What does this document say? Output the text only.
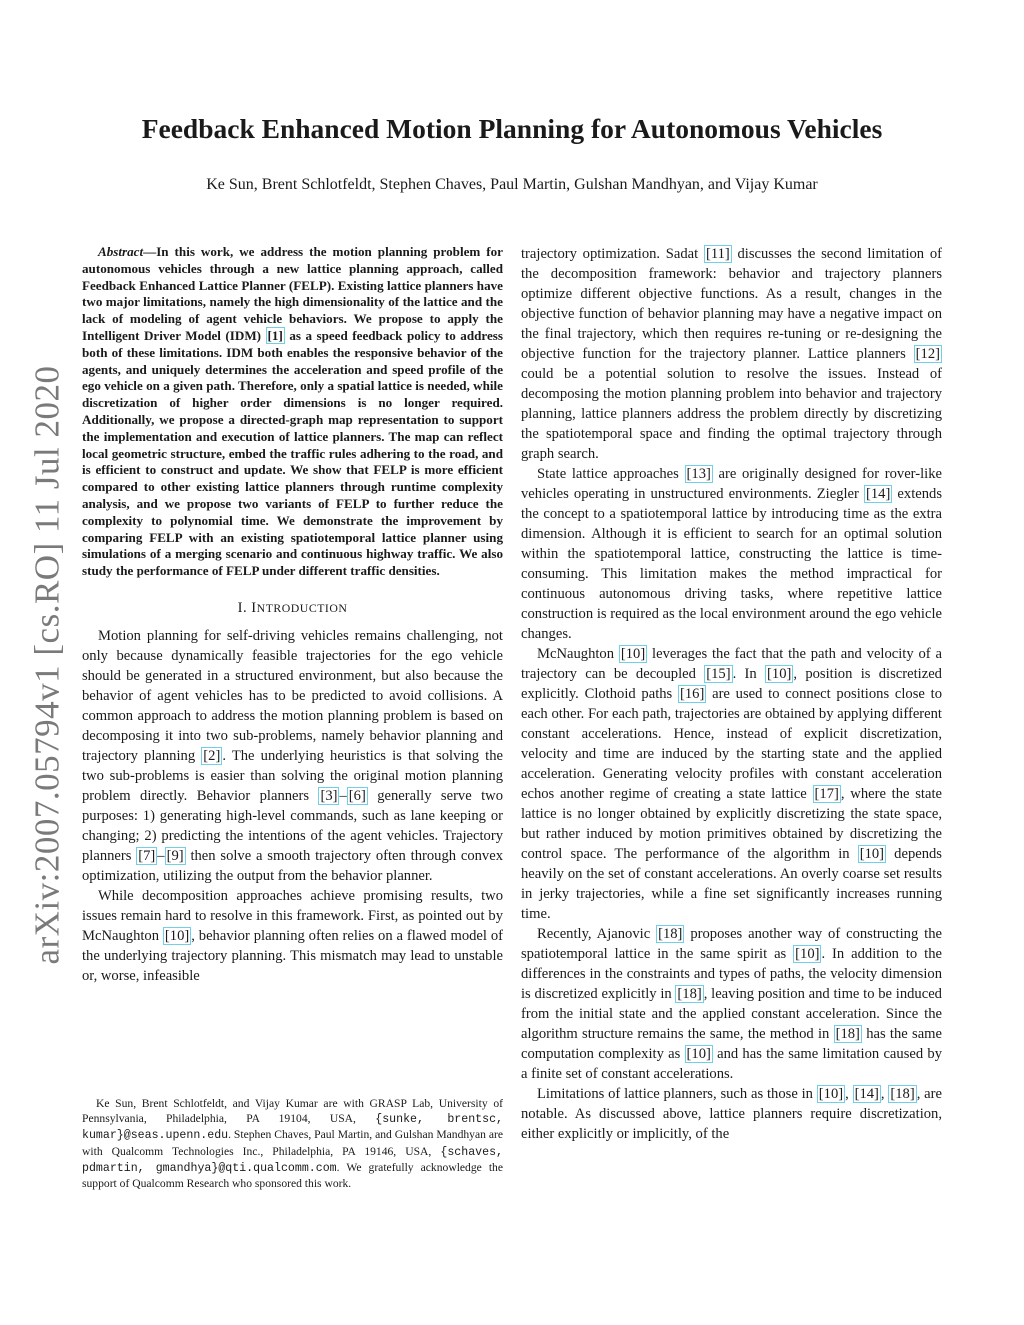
arXiv:2007.05794v1 [cs.RO] 11 Jul 2020
Feedback Enhanced Motion Planning for Autonomous Vehicles

Ke Sun, Brent Schlotfeldt, Stephen Chaves, Paul Martin, Gulshan Mandhyan, and Vijay Kumar

Abstract—In this work, we address the motion planning problem for autonomous vehicles through a new lattice planning approach, called Feedback Enhanced Lattice Planner (FELP). Existing lattice planners have two major limitations, namely the high dimensionality of the lattice and the lack of modeling of agent vehicle behaviors. We propose to apply the Intelligent Driver Model (IDM) [1] as a speed feedback policy to address both of these limitations. IDM both enables the responsive behavior of the agents, and uniquely determines the acceleration and speed profile of the ego vehicle on a given path. Therefore, only a spatial lattice is needed, while discretization of higher order dimensions is no longer required. Additionally, we propose a directed-graph map representation to support the implementation and execution of lattice planners. The map can reflect local geometric structure, embed the traffic rules adhering to the road, and is efficient to construct and update. We show that FELP is more efficient compared to other existing lattice planners through runtime complexity analysis, and we propose two variants of FELP to further reduce the complexity to polynomial time. We demonstrate the improvement by comparing FELP with an existing spatiotemporal lattice planner using simulations of a merging scenario and continuous highway traffic. We also study the performance of FELP under different traffic densities.

I. INTRODUCTION

Motion planning for self-driving vehicles remains challenging, not only because dynamically feasible trajectories for the ego vehicle should be generated in a structured environment, but also because the behavior of agent vehicles has to be predicted to avoid collisions. A common approach to address the motion planning problem is based on decomposing it into two sub-problems, namely behavior planning and trajectory planning [2] . The underlying heuristics is that solving the two sub-problems is easier than solving the original motion planning problem directly. Behavior planners [3] – [6] generally serve two purposes: 1) generating high-level commands, such as lane keeping or changing; 2) predicting the intentions of the agent vehicles. Trajectory planners [7] – [9] then solve a smooth trajectory often through convex optimization, utilizing the output from the behavior planner.

While decomposition approaches achieve promising results, two issues remain hard to resolve in this framework. First, as pointed out by McNaughton [10] , behavior planning often relies on a flawed model of the underlying trajectory planning. This mismatch may lead to unstable or, worse, infeasible

Ke Sun, Brent Schlotfeldt, and Vijay Kumar are with GRASP Lab, University of Pennsylvania, Philadelphia, PA 19104, USA, {sunke, brentsc, kumar}@seas.upenn.edu. Stephen Chaves, Paul Martin, and Gulshan Mandhyan are with Qualcomm Technologies Inc., Philadelphia, PA 19146, USA, {schaves, pdmartin, gmandhya}@qti.qualcomm.com. We gratefully acknowledge the support of Qualcomm Research who sponsored this work.

trajectory optimization. Sadat [11] discusses the second limitation of the decomposition framework: behavior and trajectory planners optimize different objective functions. As a result, changes in the objective function of behavior planning may have a negative impact on the final trajectory, which then requires re-tuning or re-designing the objective function for the trajectory planner. Lattice planners [12] could be a potential solution to resolve the issues. Instead of decomposing the motion planning problem into behavior and trajectory planning, lattice planners address the problem directly by discretizing the spatiotemporal space and finding the optimal trajectory through graph search.

State lattice approaches [13] are originally designed for rover-like vehicles operating in unstructured environments. Ziegler [14] extends the concept to a spatiotemporal lattice by introducing time as the extra dimension. Although it is efficient to search for an optimal solution within the spatiotemporal lattice, constructing the lattice is time-consuming. This limitation makes the method impractical for continuous autonomous driving tasks, where repetitive lattice construction is required as the local environment around the ego vehicle changes.

McNaughton [10] leverages the fact that the path and velocity of a trajectory can be decoupled [15] . In [10] , position is discretized explicitly. Clothoid paths [16] are used to connect positions close to each other. For each path, trajectories are obtained by applying different constant accelerations. Hence, instead of explicit discretization, velocity and time are induced by the starting state and the applied acceleration. Generating velocity profiles with constant acceleration echos another regime of creating a state lattice [17] , where the state lattice is no longer obtained by explicitly discretizing the state space, but rather induced by motion primitives obtained by discretizing the control space. The performance of the algorithm in [10] depends heavily on the set of constant accelerations. An overly coarse set results in jerky trajectories, while a fine set significantly increases running time.

Recently, Ajanovic [18] proposes another way of constructing the spatiotemporal lattice in the same spirit as [10] . In addition to the differences in the constraints and types of paths, the velocity dimension is discretized explicitly in [18] , leaving position and time to be induced from the initial state and the applied constant acceleration. Since the algorithm structure remains the same, the method in [18] has the same computation complexity as [10] and has the same limitation caused by a finite set of constant accelerations.

Limitations of lattice planners, such as those in [10] , [14] , [18] , are notable. As discussed above, lattice planners require discretization, either explicitly or implicitly, of the
